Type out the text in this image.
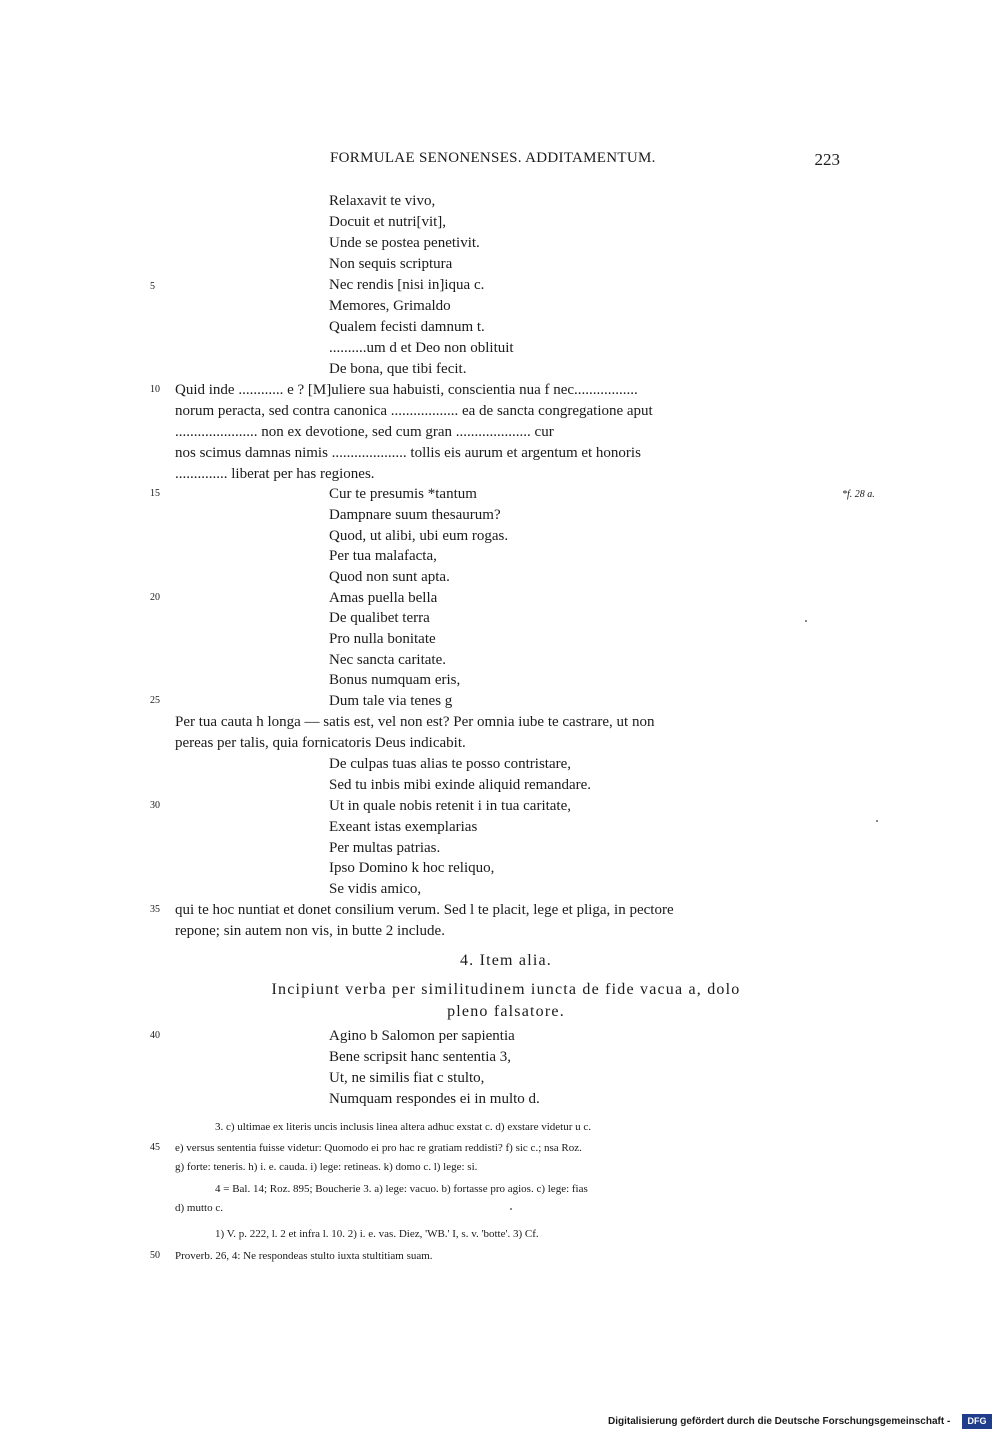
FORMULAE SENONENSES. ADDITAMENTUM.	223
Relaxavit te vivo,
Docuit et nutri[vit],
Unde se postea penetivit.
Non sequis scriptura
Nec rendis [nisi in]iqua c.
Memores, Grimaldo
Qualem fecisti damnum t.
..........um d et Deo non oblituit
De bona, que tibi fecit.
Quid inde ............ e ? [M]uliere sua habuisti, conscientia nua f nec.................
norum peracta, sed contra canonica .................. ea de sancta congregatione aput
...................... non ex devotione, sed cum gran .................... cur
nos scimus damnas nimis .................... tollis eis aurum et argentum et honoris
.............. liberat per has regiones.
Cur te presumis *tantum
Dampnare suum thesaurum?
Quod, ut alibi, ubi eum rogas.
Per tua malafacta,
Quod non sunt apta.
Amas puella bella
De qualibet terra
Pro nulla bonitate
Nec sancta caritate.
Bonus numquam eris,
Dum tale via tenes g
Per tua cauta h longa — satis est, vel non est? Per omnia iube te castrare, ut non
pereas per talis, quia fornicatoris Deus indicabit.
De culpas tuas alias te posso contristare,
Sed tu inbis mibi exinde aliquid remandare.
Ut in quale nobis retenit i in tua caritate,
Exeant istas exemplarias
Per multas patrias.
Ipso Domino k hoc reliquo,
Se vidis amico,
qui te hoc nuntiat et donet consilium verum. Sed l te placit, lege et pliga, in pectore
repone; sin autem non vis, in butte 2 include.
4. Item alia.
Incipiunt verba per similitudinem iuncta de fide vacua a, dolo
pleno falsatore.
Agino b Salomon per sapientia
Bene scripsit hanc sententia 3,
Ut, ne similis fiat c stulto,
Numquam respondes ei in multo d.
5
10
15
20
25
30
35
40
45
50
*f. 28 a.
3. c) ultimae ex literis uncis inclusis linea altera adhuc exstat c. d) exstare videtur u c.
e) versus sententia fuisse videtur: Quomodo ei pro hac re gratiam reddisti? f) sic c.; nsa Roz.
g) forte: teneris. h) i. e. cauda. i) lege: retineas. k) domo c. l) lege: si.
4 = Bal. 14; Roz. 895; Boucherie 3. a) lege: vacuo. b) fortasse pro agios. c) lege: fias
d) mutto c.
1) V. p. 222, l. 2 et infra l. 10. 2) i. e. vas. Diez, 'WB.' I, s. v. 'botte'. 3) Cf.
Proverb. 26, 4: Ne respondeas stulto iuxta stultitiam suam.
Digitalisierung gefördert durch die Deutsche Forschungsgemeinschaft -	DFG
